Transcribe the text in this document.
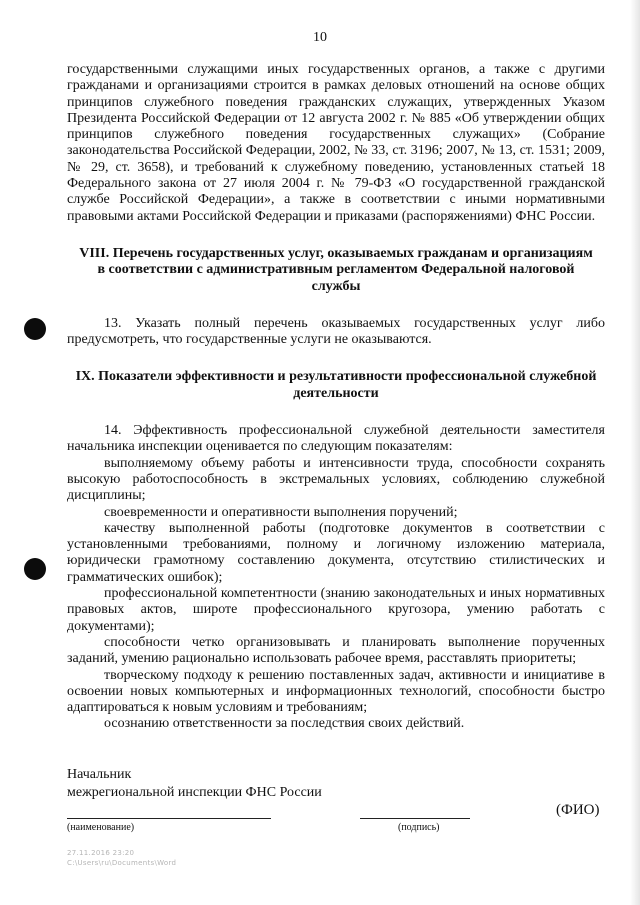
10

государственными служащими иных государственных органов, а также с другими гражданами и организациями строится в рамках деловых отношений на основе общих принципов служебного поведения гражданских служащих, утвержденных Указом Президента Российской Федерации от 12 августа 2002 г. № 885 «Об утверждении общих принципов служебного поведения государственных служащих» (Собрание законодательства Российской Федерации, 2002, № 33, ст. 3196; 2007, № 13, ст. 1531; 2009, № 29, ст. 3658), и требований к служебному поведению, установленных статьей 18 Федерального закона от 27 июля 2004 г. № 79-ФЗ «О государственной гражданской службе Российской Федерации», а также в соответствии с иными нормативными правовыми актами Российской Федерации и приказами (распоряжениями) ФНС России.

VIII. Перечень государственных услуг, оказываемых гражданам и организациям в соответствии с административным регламентом Федеральной налоговой службы

13. Указать полный перечень оказываемых государственных услуг либо предусмотреть, что государственные услуги не оказываются.

IX. Показатели эффективности и результативности профессиональной служебной деятельности

14. Эффективность профессиональной служебной деятельности заместителя начальника инспекции оценивается по следующим показателям:

выполняемому объему работы и интенсивности труда, способности сохранять высокую работоспособность в экстремальных условиях, соблюдению служебной дисциплины;

своевременности и оперативности выполнения поручений;

качеству выполненной работы (подготовке документов в соответствии с установленными требованиями, полному и логичному изложению материала, юридически грамотному составлению документа, отсутствию стилистических и грамматических ошибок);

профессиональной компетентности (знанию законодательных и иных нормативных правовых актов, широте профессионального кругозора, умению работать с документами);

способности четко организовывать и планировать выполнение порученных заданий, умению рационально использовать рабочее время, расставлять приоритеты;

творческому подходу к решению поставленных задач, активности и инициативе в освоении новых компьютерных и информационных технологий, способности быстро адаптироваться к новым условиям и требованиям;

осознанию ответственности за последствия своих действий.

Начальник
межрегиональной инспекции ФНС России
(ФИО)
(наименование)	(подпись)
27.11.2016 23:20
С:\Users\ru\Documents\Word
